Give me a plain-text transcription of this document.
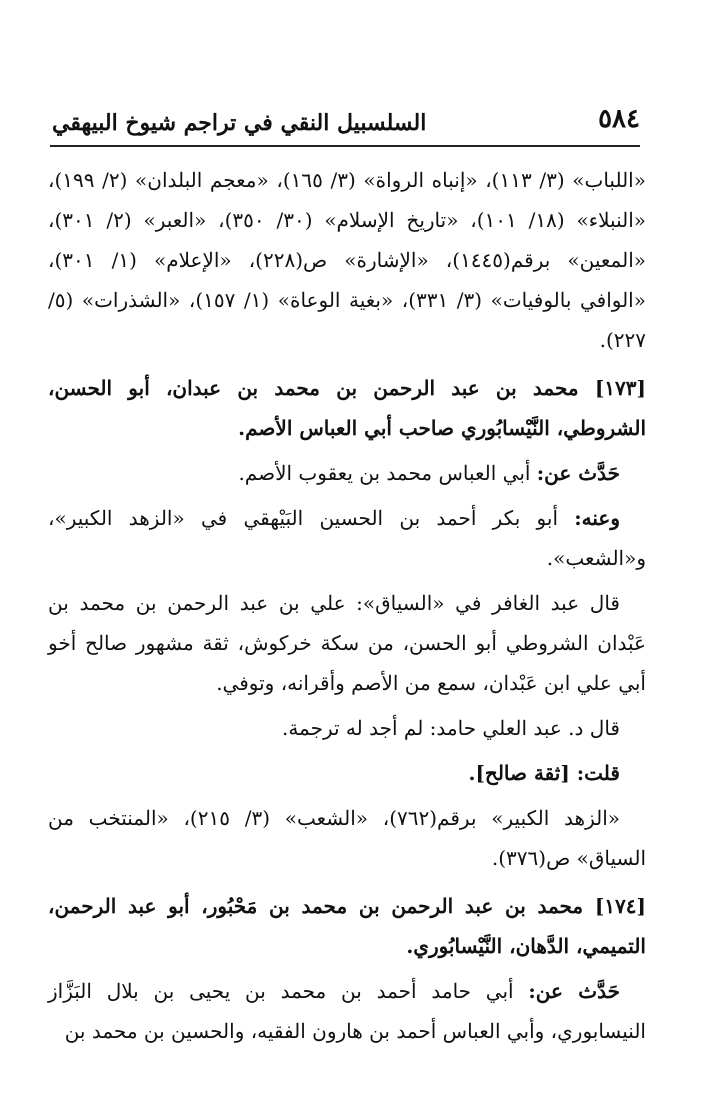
٥٨٤
السلسبيل النقي في تراجم شيوخ البيهقي

«اللباب» (٣/ ١١٣)، «إنباه الرواة» (٣/ ١٦٥)، «معجم البلدان» (٢/ ١٩٩)، «النبلاء» (١٨/ ١٠١)، «تاريخ الإسلام» (٣٠/ ٣٥٠)، «العبر» (٢/ ٣٠١)، «المعين» برقم(١٤٤٥)، «الإشارة» ص(٢٢٨)، «الإعلام» (١/ ٣٠١)، «الوافي بالوفيات» (٣/ ٣٣١)، «بغية الوعاة» (١/ ١٥٧)، «الشذرات» (٥/ ٢٢٧).

[١٧٣] محمد بن عبد الرحمن بن محمد بن عبدان، أبو الحسن، الشروطي، النَّيْسابُوري صاحب أبي العباس الأصم.

حَدَّث عن: أبي العباس محمد بن يعقوب الأصم.

وعنه: أبو بكر أحمد بن الحسين البَيْهقي في «الزهد الكبير»، و«الشعب».

قال عبد الغافر في «السياق»: علي بن عبد الرحمن بن محمد بن عَبْدان الشروطي أبو الحسن، من سكة خركوش، ثقة مشهور صالح أخو أبي علي ابن عَبْدان، سمع من الأصم وأقرانه، وتوفي.

قال د. عبد العلي حامد: لم أجد له ترجمة.

قلت: [ثقة صالح].

«الزهد الكبير» برقم(٧٦٢)، «الشعب» (٣/ ٢١٥)، «المنتخب من السياق» ص(٣٧٦).

[١٧٤] محمد بن عبد الرحمن بن محمد بن مَحْبُور، أبو عبد الرحمن، التميمي، الدَّهان، النَّيْسابُوري.

حَدَّث عن: أبي حامد أحمد بن محمد بن يحيى بن بلال البَزَّاز النيسابوري، وأبي العباس أحمد بن هارون الفقيه، والحسين بن محمد بن
